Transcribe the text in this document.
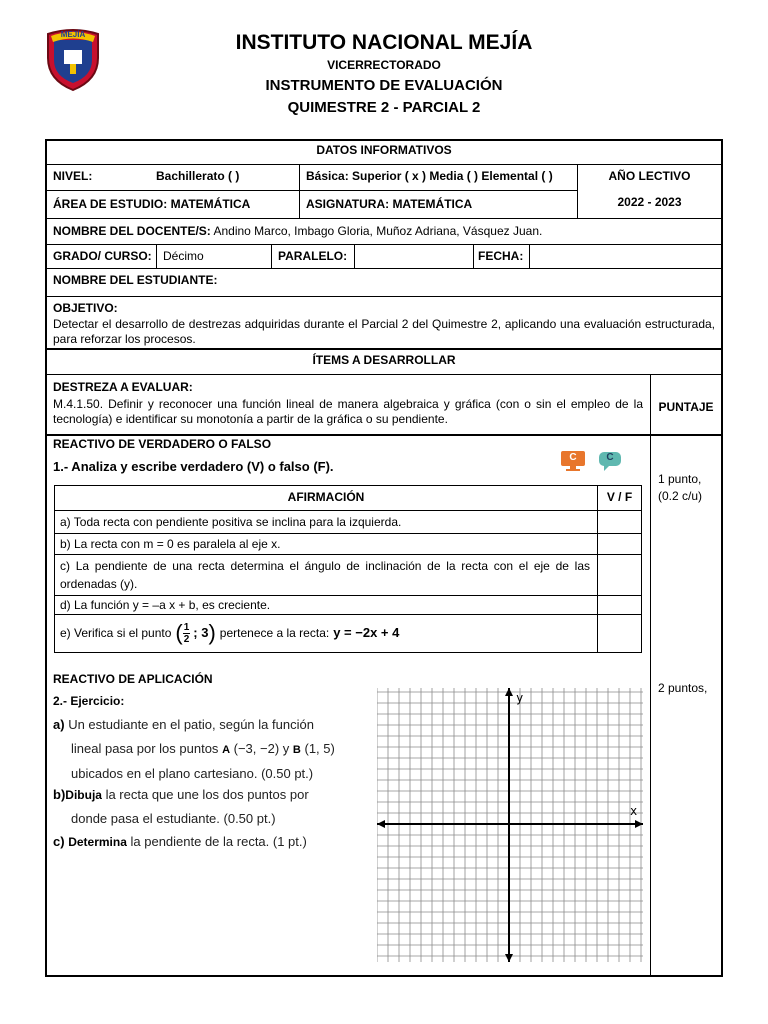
MEJÍA	INSTITUTO NACIONAL MEJÍA
VICERRECTORADO
INSTRUMENTO DE EVALUACIÓN
QUIMESTRE 2 - PARCIAL 2
DATOS INFORMATIVOS
NIVEL:	Bachillerato ( )	Básica: Superior ( x ) Media ( ) Elemental ( )	AÑO LECTIVO
2022 - 2023
ÁREA DE ESTUDIO: MATEMÁTICA	ASIGNATURA: MATEMÁTICA
NOMBRE DEL DOCENTE/S: Andino Marco, Imbago Gloria, Muñoz Adriana, Vásquez Juan.
GRADO/ CURSO: Décimo	PARALELO:	FECHA:
NOMBRE DEL ESTUDIANTE:
OBJETIVO:
Detectar el desarrollo de destrezas adquiridas durante el Parcial 2 del Quimestre 2, aplicando una evaluación estructurada, para reforzar los procesos.
ÍTEMS A DESARROLLAR
DESTREZA A EVALUAR:
M.4.1.50. Definir y reconocer una función lineal de manera algebraica y gráfica (con o sin el empleo de la tecnología) e identificar su monotonía a partir de la gráfica o su pendiente.
PUNTAJE
REACTIVO DE VERDADERO O FALSO
1.- Analiza y escribe verdadero (V) o falso (F).
C	C
1 punto,
(0.2 c/u)
AFIRMACIÓN	V / F
a) Toda recta con pendiente positiva se inclina para la izquierda.
b) La recta con m = 0 es paralela al eje x.
c) La pendiente de una recta determina el ángulo de inclinación de la recta con el eje de las ordenadas (y).
d) La función y = –a x + b, es creciente.
e) Verifica si el punto ( $\frac{1}{2}$ ; 3 ) pertenece a la recta: y = −2x + 4
REACTIVO DE APLICACIÓN
2.- Ejercicio:
2 puntos,
a) Un estudiante en el patio, según la función
lineal pasa por los puntos A (−3, −2) y B (1, 5)
ubicados en el plano cartesiano. (0.50 pt.)
b)Dibuja la recta que une los dos puntos por
donde pasa el estudiante. (0.50 pt.)
c) Determina la pendiente de la recta. (1 pt.)
x
y
